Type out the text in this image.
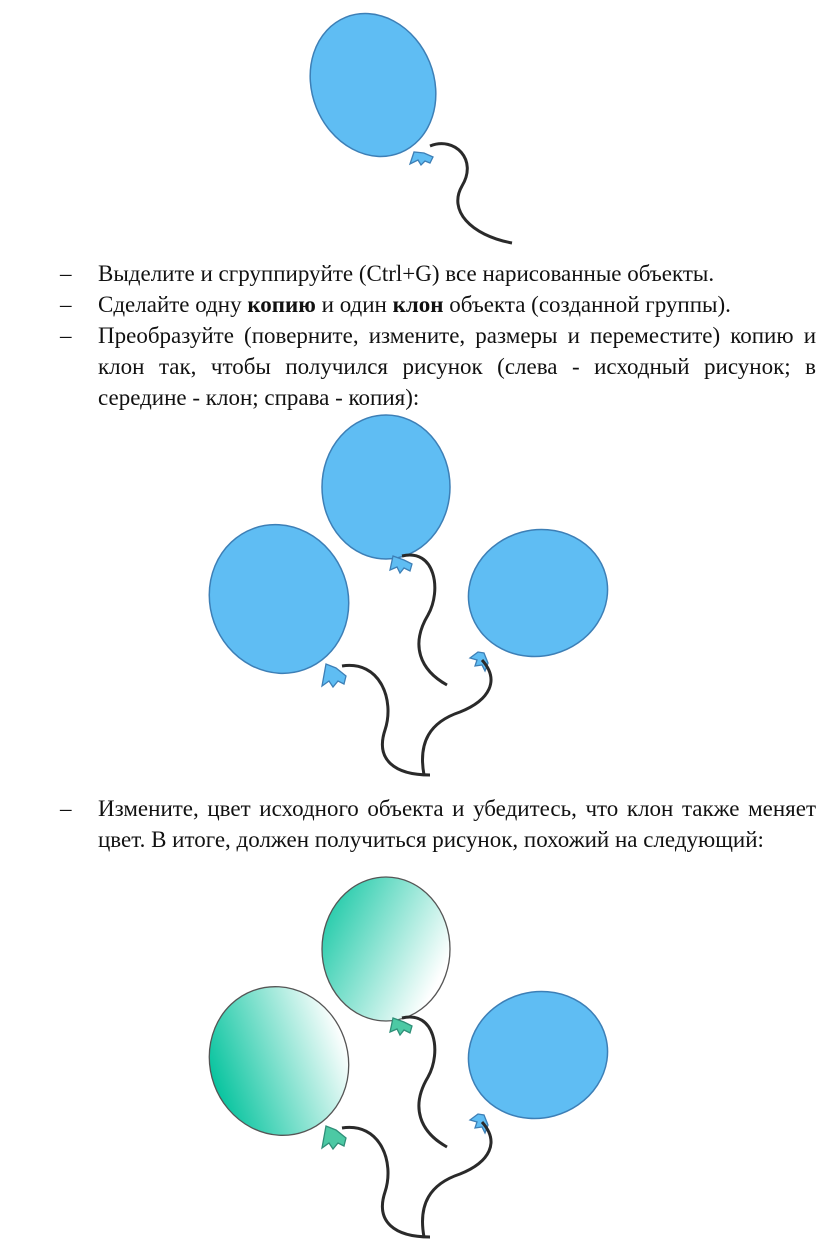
–	Выделите и сгруппируйте (Ctrl+G) все нарисованные объекты.
–	Сделайте одну копию и один клон объекта (созданной группы).
–	Преобразуйте (поверните, измените, размеры и переместите) копию и клон так, чтобы получился рисунок (слева - исходный рисунок; в середине - клон; справа - копия):
–	Измените, цвет исходного объекта и убедитесь, что клон также меняет цвет. В итоге, должен получиться рисунок, похожий на следующий:
